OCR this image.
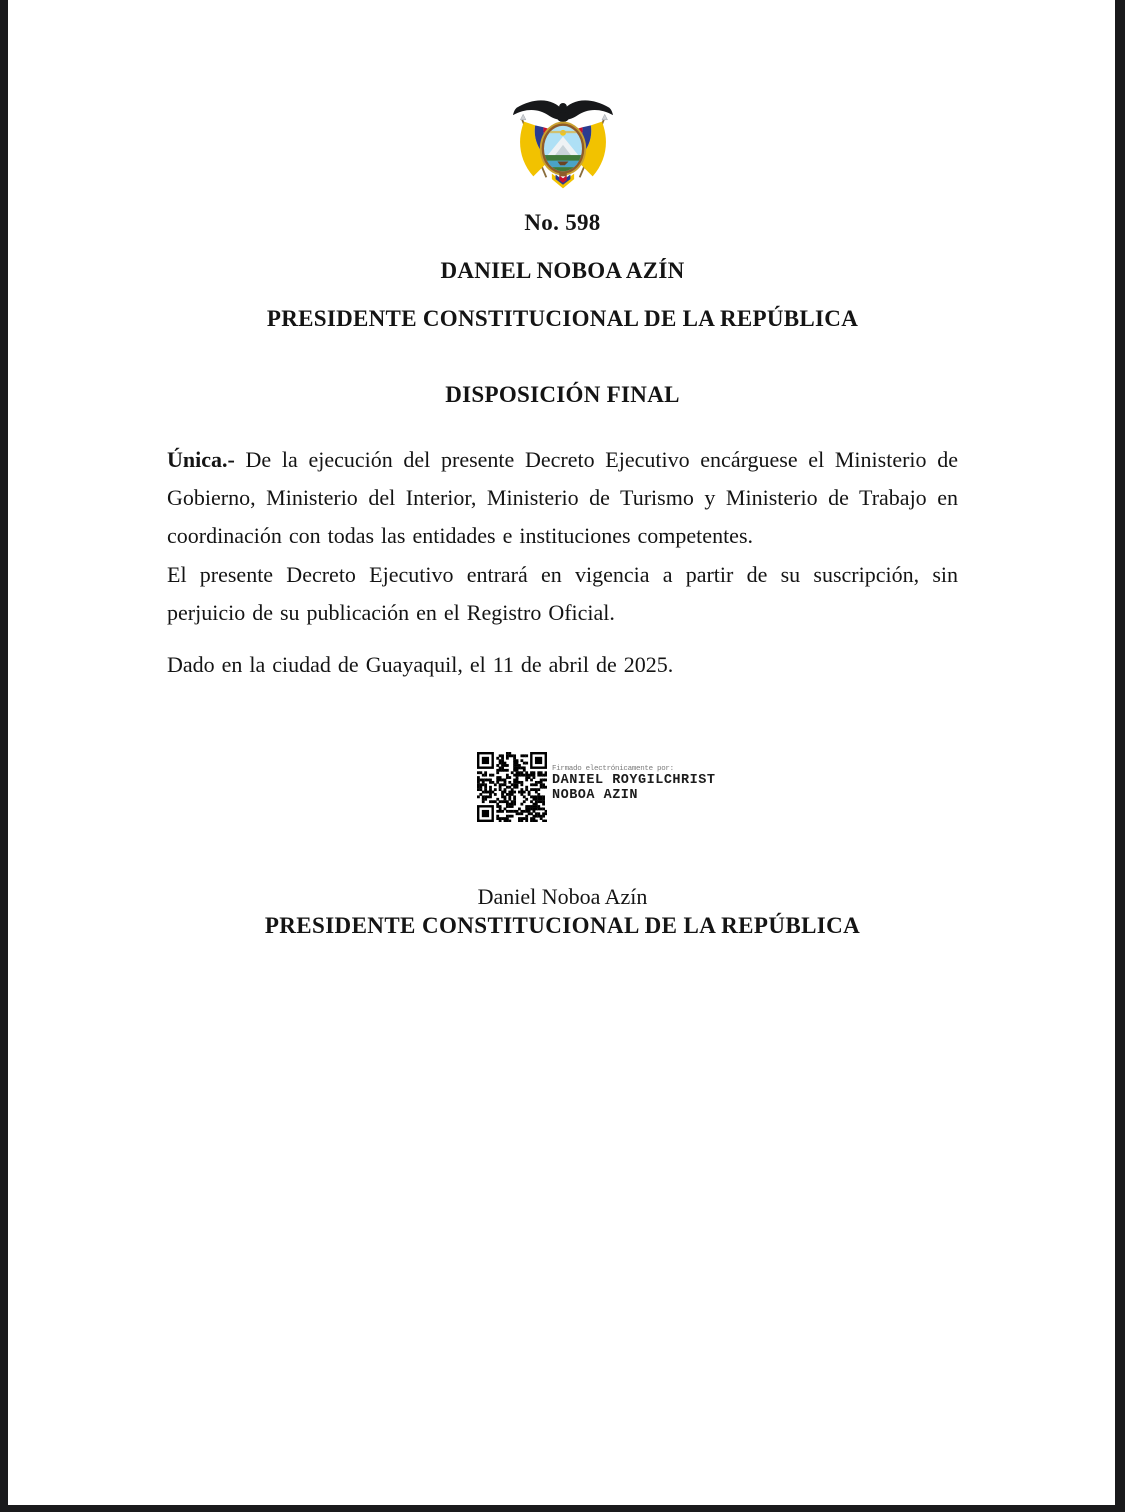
No. 598
DANIEL NOBOA AZÍN
PRESIDENTE CONSTITUCIONAL DE LA REPÚBLICA
DISPOSICIÓN FINAL

Única.- De la ejecución del presente Decreto Ejecutivo encárguese el Ministerio de Gobierno, Ministerio del Interior, Ministerio de Turismo y Ministerio de Trabajo en coordinación con todas las entidades e instituciones competentes.

El presente Decreto Ejecutivo entrará en vigencia a partir de su suscripción, sin perjuicio de su publicación en el Registro Oficial.

Dado en la ciudad de Guayaquil, el 11 de abril de 2025.

Firmado electrónicamente por:
DANIEL ROYGILCHRIST
NOBOA AZIN
Daniel Noboa Azín
PRESIDENTE CONSTITUCIONAL DE LA REPÚBLICA
